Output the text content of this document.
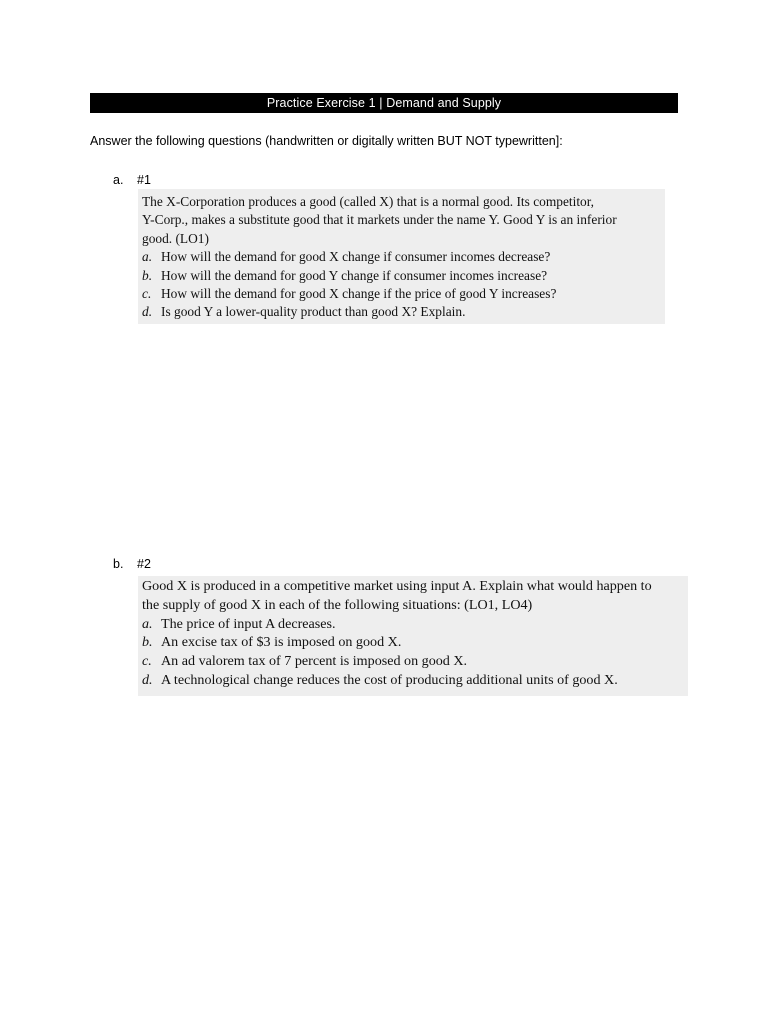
Practice Exercise 1 | Demand and Supply
Answer the following questions (handwritten or digitally written BUT NOT typewritten]:
a. #1

The X-Corporation produces a good (called X) that is a normal good. Its competitor,

Y-Corp., makes a substitute good that it markets under the name Y. Good Y is an inferior

good. (LO1)

a. How will the demand for good X change if consumer incomes decrease?
b. How will the demand for good Y change if consumer incomes increase?
c. How will the demand for good X change if the price of good Y increases?
d. Is good Y a lower-quality product than good X? Explain.
b. #2

Good X is produced in a competitive market using input A. Explain what would happen to

the supply of good X in each of the following situations: (LO1, LO4)

a. The price of input A decreases.
b. An excise tax of $3 is imposed on good X.
c. An ad valorem tax of 7 percent is imposed on good X.
d. A technological change reduces the cost of producing additional units of good X.
